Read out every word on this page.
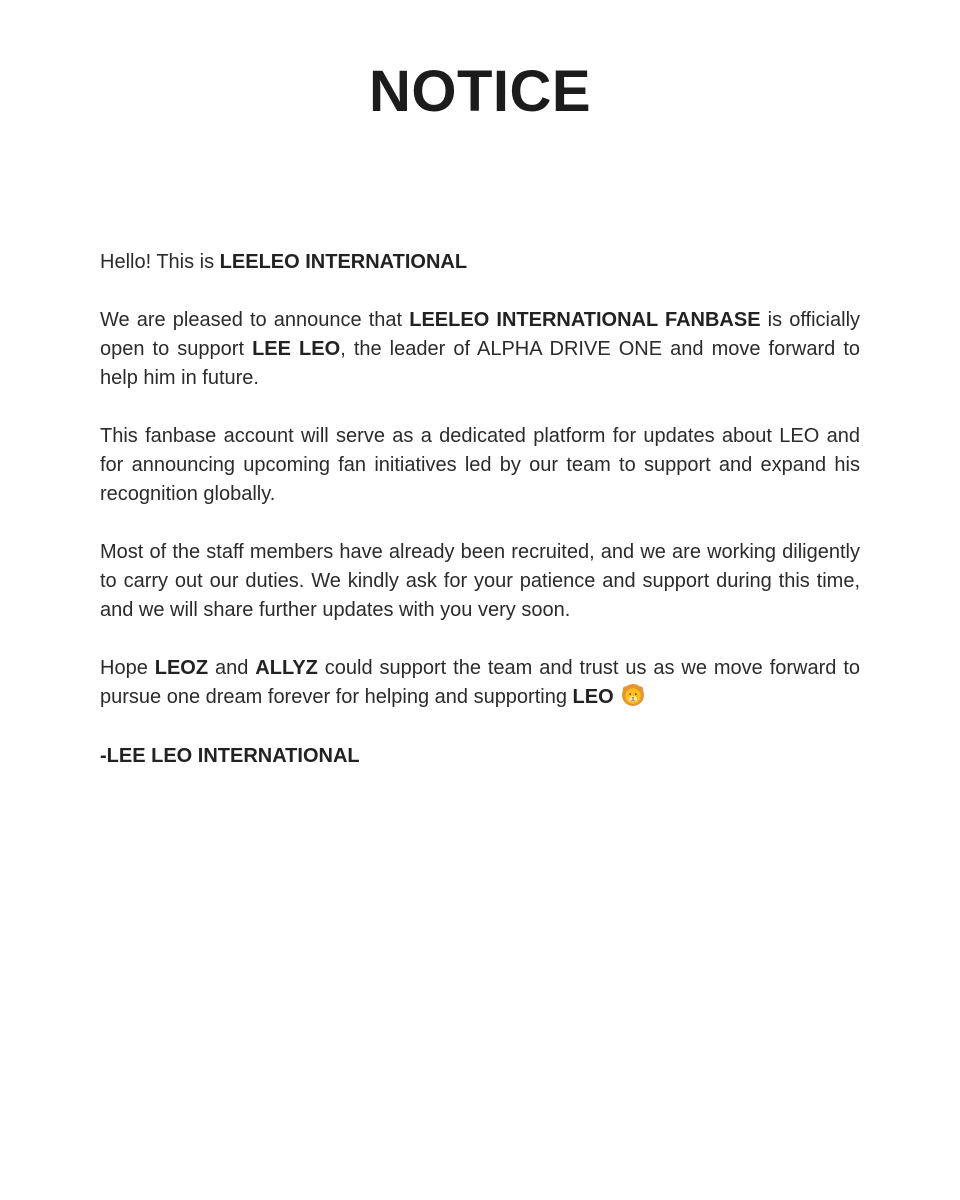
NOTICE

Hello! This is LEELEO INTERNATIONAL

We are pleased to announce that LEELEO INTERNATIONAL FANBASE is officially open to support LEE LEO, the leader of ALPHA DRIVE ONE and move forward to help him in future.

This fanbase account will serve as a dedicated platform for updates about LEO and for announcing upcoming fan initiatives led by our team to support and expand his recognition globally.

Most of the staff members have already been recruited, and we are working diligently to carry out our duties. We kindly ask for your patience and support during this time, and we will share further updates with you very soon.

Hope LEOZ and ALLYZ could support the team and trust us as we move forward to pursue one dream forever for helping and supporting LEO

-LEE LEO INTERNATIONAL
